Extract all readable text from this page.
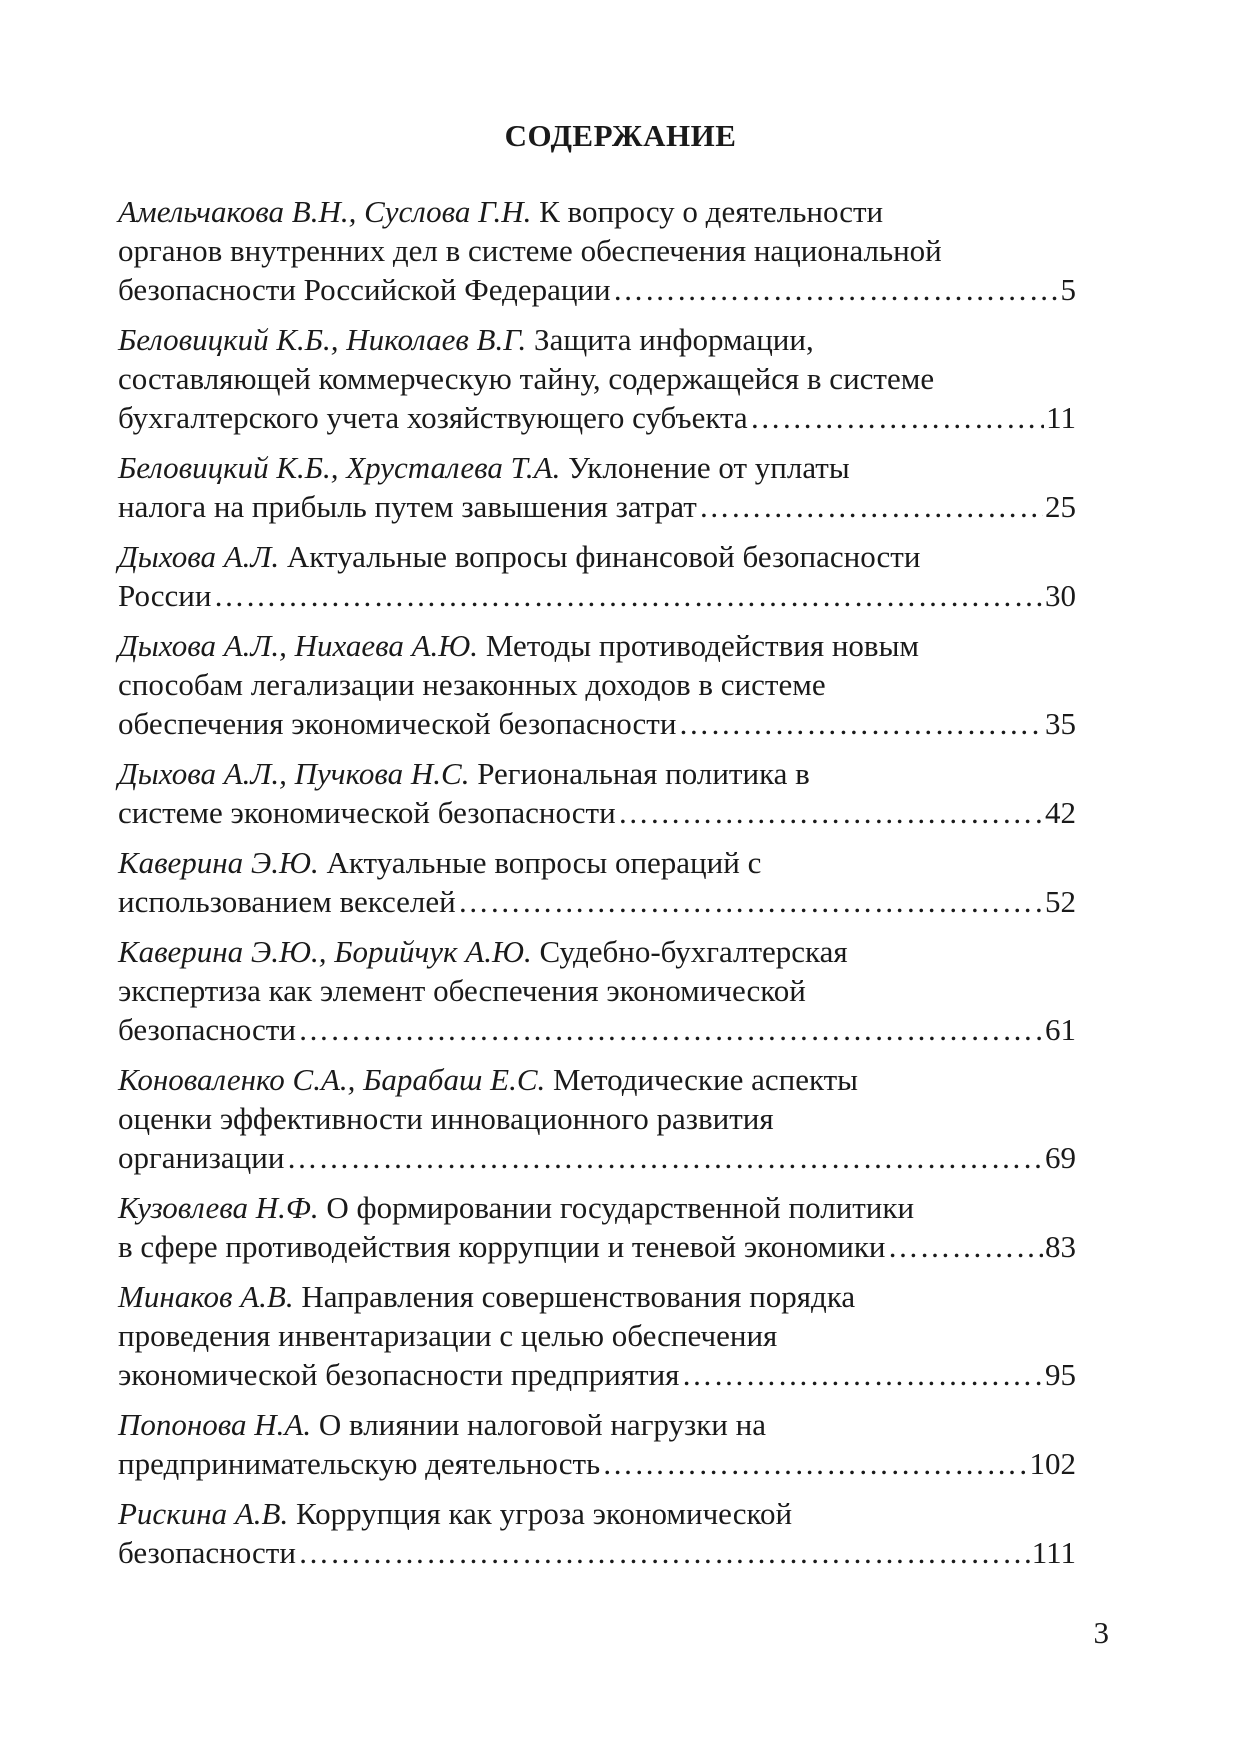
СОДЕРЖАНИЕ
Амельчакова В.Н., Суслова Г.Н. К вопросу о деятельности
органов внутренних дел в системе обеспечения национальной
безопасности Российской Федерации …………………………………………………………………………………………………………………………………………………………………………	5
Беловицкий К.Б., Николаев В.Г. Защита информации,
составляющей коммерческую тайну, содержащейся в системе
бухгалтерского учета хозяйствующего субъекта …………………………………………………………………………………………………………………………………………………………………………	11
Беловицкий К.Б., Хрусталева Т.А. Уклонение от уплаты
налога на прибыль путем завышения затрат …………………………………………………………………………………………………………………………………………………………………………	25
Дыхова А.Л. Актуальные вопросы финансовой безопасности
России …………………………………………………………………………………………………………………………………………………………………………	30
Дыхова А.Л., Нихаева А.Ю. Методы противодействия новым
способам легализации незаконных доходов в системе
обеспечения экономической безопасности …………………………………………………………………………………………………………………………………………………………………………	35
Дыхова А.Л., Пучкова Н.С. Региональная политика в
системе экономической безопасности …………………………………………………………………………………………………………………………………………………………………………	42
Каверина Э.Ю. Актуальные вопросы операций с
использованием векселей …………………………………………………………………………………………………………………………………………………………………………	52
Каверина Э.Ю., Борийчук А.Ю. Судебно-бухгалтерская
экспертиза как элемент обеспечения экономической
безопасности …………………………………………………………………………………………………………………………………………………………………………	61
Коноваленко С.А., Барабаш Е.С. Методические аспекты
оценки эффективности инновационного развития
организации …………………………………………………………………………………………………………………………………………………………………………	69
Кузовлева Н.Ф. О формировании государственной политики
в сфере противодействия коррупции и теневой экономики …………………………………………………………………………………………………………………………………………………………………………	83
Минаков А.В. Направления совершенствования порядка
проведения инвентаризации с целью обеспечения
экономической безопасности предприятия …………………………………………………………………………………………………………………………………………………………………………	95
Попонова Н.А. О влиянии налоговой нагрузки на
предпринимательскую деятельность …………………………………………………………………………………………………………………………………………………………………………	102
Рискина А.В. Коррупция как угроза экономической
безопасности …………………………………………………………………………………………………………………………………………………………………………	111
3
